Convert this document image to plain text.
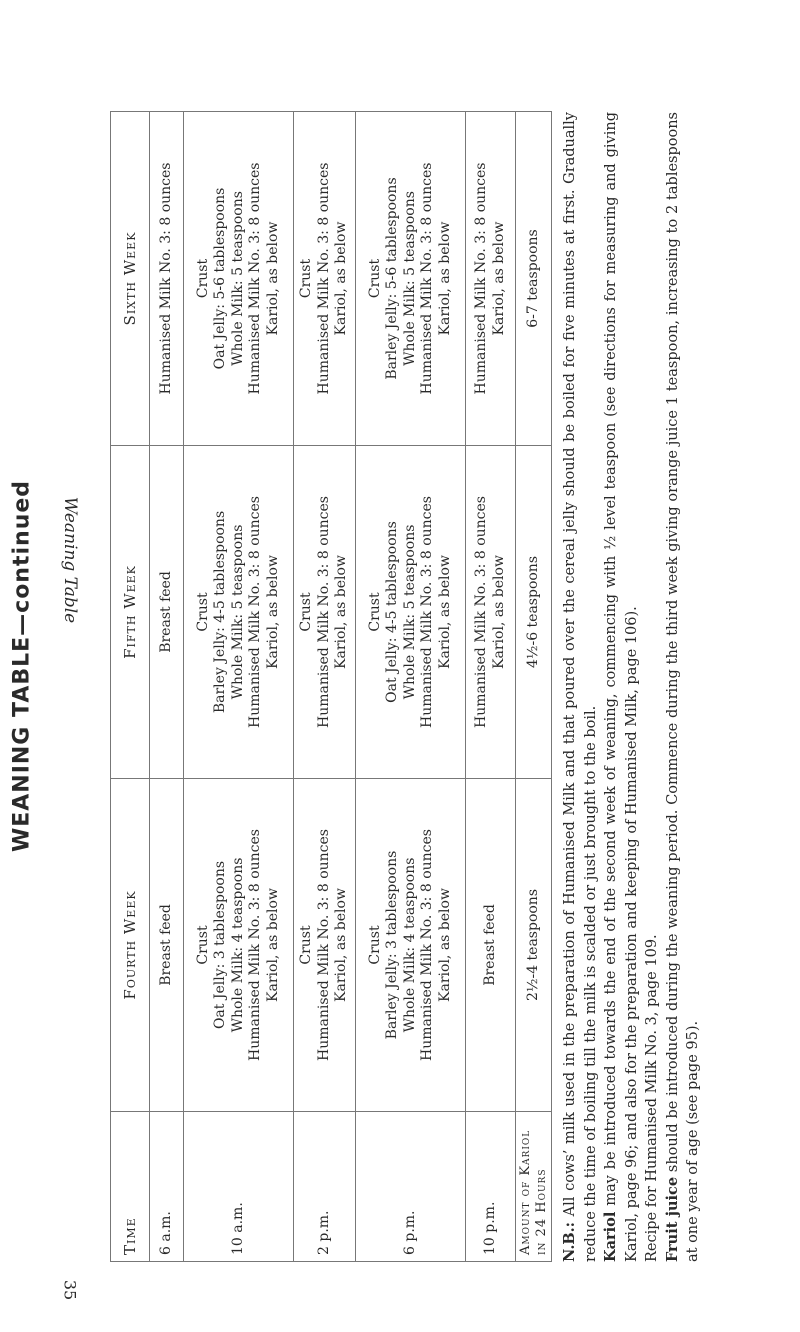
WEANING TABLE—continued Weaning Table
35
Time	Fourth Week	Fifth Week	Sixth Week
6 a.m.	Breast feed	Breast feed	Humanised Milk No. 3: 8 ounces

10 a.m.	Crust Oat Jelly: 3 tablespoons Whole Milk: 4 teaspoons Humanised Milk No. 3: 8 ounces Kariol, as below	Crust Barley Jelly: 4-5 tablespoons Whole Milk: 5 teaspoons Humanised Milk No. 3: 8 ounces Kariol, as below	Crust Oat Jelly: 5-6 tablespoons Whole Milk: 5 teaspoons Humanised Milk No. 3: 8 ounces Kariol, as below

2 p.m.	Crust Humanised Milk No. 3: 8 ounces Kariol, as below	Crust Humanised Milk No. 3: 8 ounces Kariol, as below	Crust Humanised Milk No. 3: 8 ounces Kariol, as below

6 p.m.	Crust Barley Jelly: 3 tablespoons Whole Milk: 4 teaspoons Humanised Milk No. 3: 8 ounces Kariol, as below	Crust Oat Jelly: 4-5 tablespoons Whole Milk: 5 teaspoons Humanised Milk No. 3: 8 ounces Kariol, as below	Crust Barley Jelly: 5-6 tablespoons Whole Milk: 5 teaspoons Humanised Milk No. 3: 8 ounces Kariol, as below

10 p.m.	Breast feed	Humanised Milk No. 3: 8 ounces Kariol, as below	Humanised Milk No. 3: 8 ounces Kariol, as below

Amount of Kariol in 24 Hours	2½-4 teaspoons	4½-6 teaspoons	6-7 teaspoons

N.B.: All cows’ milk used in the preparation of Humanised Milk and that poured over the cereal jelly should be boiled for five minutes at first. Gradually reduce the time of boiling till the milk is scalded or just brought to the boil. Kariol may be introduced towards the end of the second week of weaning, commencing with ½ level teaspoon (see directions for measuring and giving Kariol, page 96; and also for the preparation and keeping of Humanised Milk, page 106). Recipe for Humanised Milk No. 3, page 109. Fruit juice should be introduced during the weaning period. Commence during the third week giving orange juice 1 teaspoon, increasing to 2 tablespoons at one year of age (see page 95).
